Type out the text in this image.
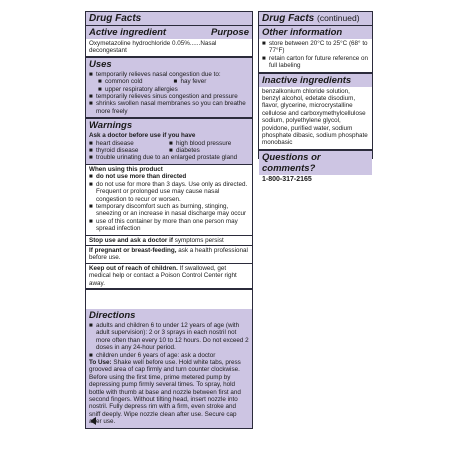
Drug Facts
Active ingredient	Purpose
Oxymetazoline hydrochloride 0.05%......Nasal decongestant
Uses
■ temporarily relieves nasal congestion due to:
■ common cold	■ hay fever
■ upper respiratory allergies
■ temporarily relieves sinus congestion and pressure
■ shrinks swollen nasal membranes so you can breathe more freely
Warnings
Ask a doctor before use if you have
■ heart disease	■ high blood pressure
■ thyroid disease	■ diabetes
■ trouble urinating due to an enlarged prostate gland
When using this product
■ do not use more than directed
■ do not use for more than 3 days. Use only as directed. Frequent or prolonged use may cause nasal congestion to recur or worsen.
■ temporary discomfort such as burning, stinging, sneezing or an increase in nasal discharge may occur
■ use of this container by more than one person may spread infection
Stop use and ask a doctor if symptoms persist
If pregnant or breast-feeding, ask a health professional before use.
Keep out of reach of children. If swallowed, get medical help or contact a Poison Control Center right away.
Directions
■ adults and children 6 to under 12 years of age (with adult supervision): 2 or 3 sprays in each nostril not more often than every 10 to 12 hours. Do not exceed 2 doses in any 24-hour period.
■ children under 6 years of age: ask a doctor
To Use: Shake well before use. Hold white tabs, press grooved area of cap firmly and turn counter clockwise. Before using the first time, prime metered pump by depressing pump firmly several times. To spray, hold bottle with thumb at base and nozzle between first and second fingers. Without tilting head, insert nozzle into nostril. Fully depress rim with a firm, even stroke and sniff deeply. Wipe nozzle clean after use. Secure cap after use.
Drug Facts (continued)
Other information
■ store between 20°C to 25°C (68° to 77°F)
■ retain carton for future reference on full labeling
Inactive ingredients
benzalkonium chloride solution, benzyl alcohol, edetate disodium, flavor, glycerine, microcrystalline cellulose and carboxymethylcellulose sodium, polyethylene glycol, povidone, purified water, sodium phosphate dibasic, sodium phosphate monobasic
Questions or comments?
1-800-317-2165
